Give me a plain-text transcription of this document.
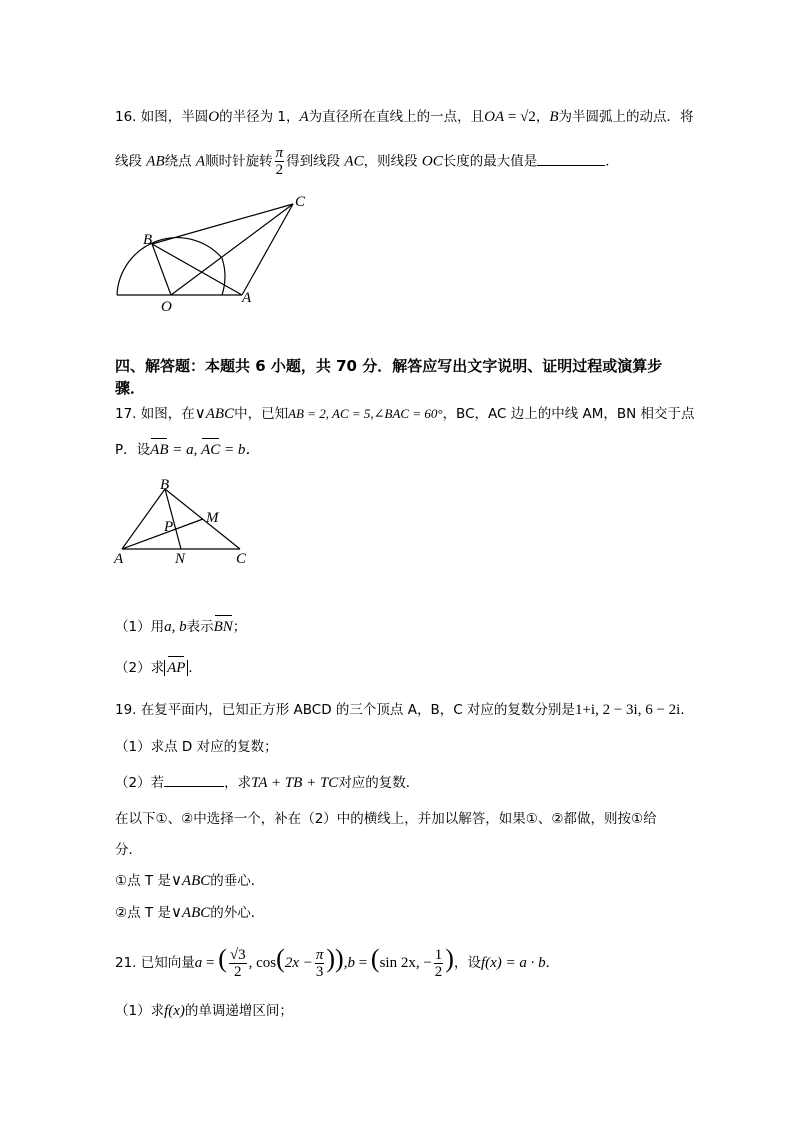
16. 如图，半圆O的半径为 1，A为直径所在直线上的一点，且OA = √2，B为半圆弧上的动点．将
线段 AB绕点 A顺时针旋转 $\frac{\pi}{2}$ 得到线段 AC，则线段 OC长度的最大值是	．
C
B
O
A
四、解答题：本题共 6 小题，共 70 分．解答应写出文字说明、证明过程或演算步
骤．
17. 如图，在∨ABC中，已知AB = 2, AC = 5,∠BAC = 60°，BC，AC 边上的中线 AM，BN 相交于点
P．设AB = a, AC = b．
B
M
P
A	N	C
（1）用a, b表示BN；
（2）求 AP ．
19. 在复平面内，已知正方形 ABCD 的三个顶点 A，B，C 对应的复数分别是1+i, 2 − 3i, 6 − 2i．
（1）求点 D 对应的复数；
（2）若	，求TA + TB + TC对应的复数．
在以下①、②中选择一个，补在（2）中的横线上，并加以解答，如果①、②都做，则按①给
分．
①点 T 是∨ABC的垂心．
②点 T 是∨ABC的外心．
21. 已知向量a = ( $\frac{√3}{2}$ , $\cos(2x - \frac{\pi}{3} )),b = (\sin$ 2x, − $\frac{1}{2}$ )，设f(x) = a · b．
（1）求f(x)的单调递增区间；
